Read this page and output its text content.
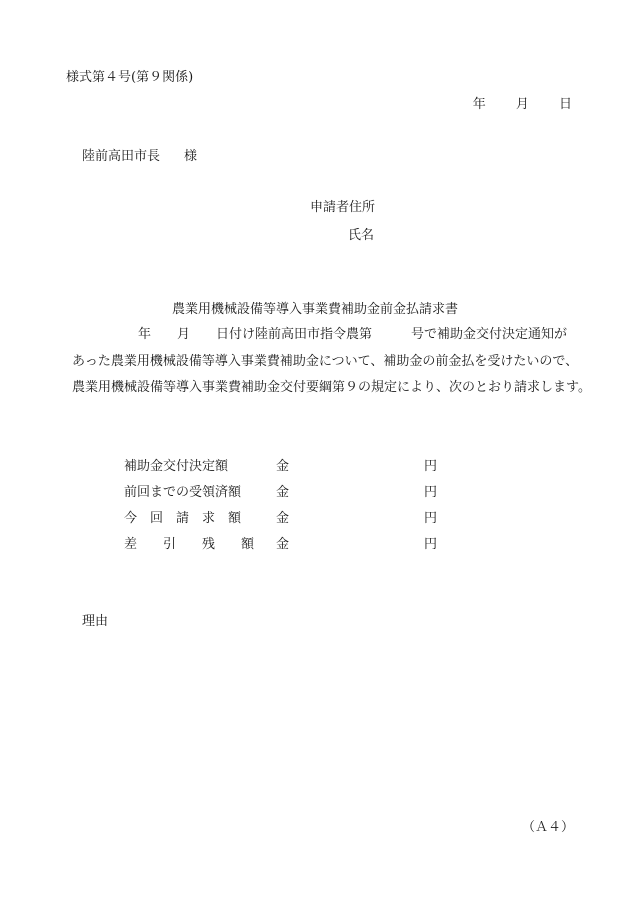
様式第４号(第９関係)
年 月 日
陸前高田市長 様
申請者住所
氏名
農業用機械設備等導入事業費補助金前金払請求書
年　　月　　日付け陸前高田市指令農第　　　号で補助金交付決定通知が
あった農業用機械設備等導入事業費補助金について、補助金の前金払を受けたいので、
農業用機械設備等導入事業費補助金交付要綱第９の規定により、次のとおり請求します。
補助金交付決定額	金	円
前回までの受領済額	金	円
今　回　請　求　額	金	円
差　　引　　残　　額 金	円
理由
（Ａ４）
